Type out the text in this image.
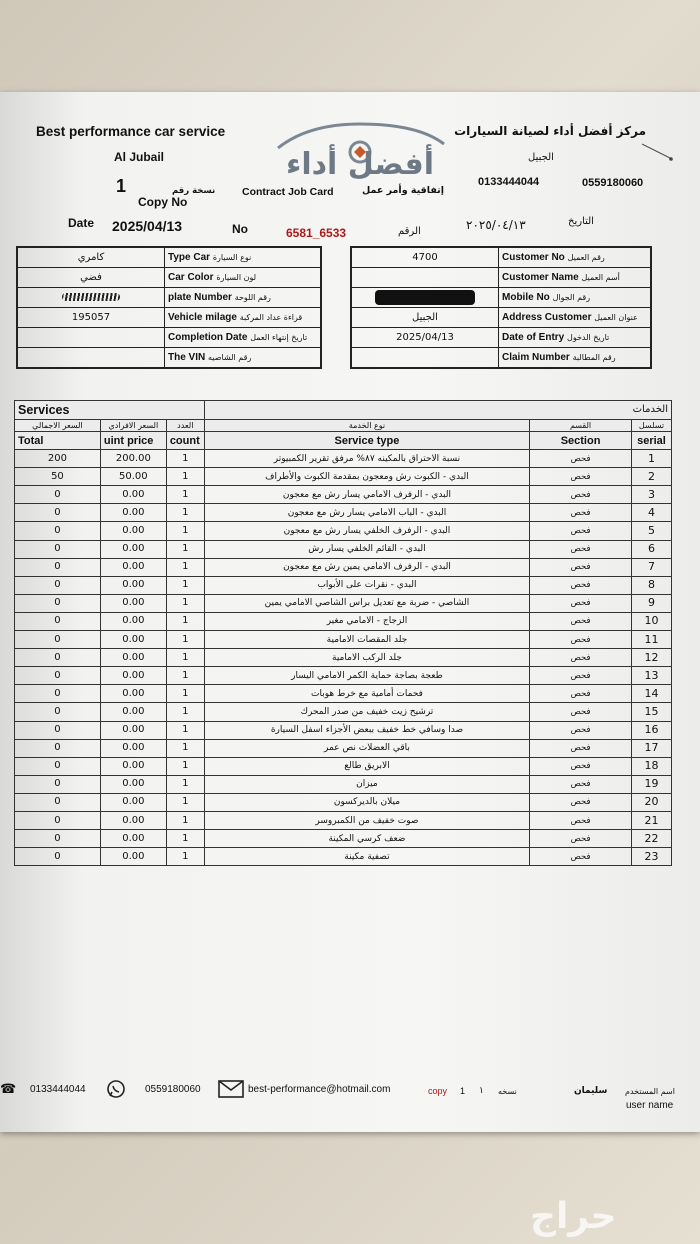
Best performance car service
Al Jubail
نسخة رقم
1
Copy No
Date 2025/04/13
أفضل أداء
Contract Job Card	إتفاقية وأمر عمل
مركز أفضل أداء لصيانة السيارات
الجبيل
0133444044	0559180060
No	6581_6533	الرقم	٢٠٢٥/٠٤/١٣	التاريخ
كامري	Type Car نوع السيارة
فضي	Car Color لون السيارة
	plate Number رقم اللوحة
195057	Vehicle milage قراءة عداد المركبة
	Completion Date تاريخ إنتهاء العمل
	The VIN رقم الشاصيه
4700	Customer No رقم العميل
	Customer Name أسم العميل
	Mobile No رقم الجوال
الجبيل	Address Customer عنوان العميل
2025/04/13	Date of Entry تاريخ الدخول
	Claim Number رقم المطالبة
Services			الخدمات		
السعر الاجمالي	السعر الافرادي	العدد	نوع الخدمة	القسم	تسلسل
Total	uint price	count	Service type	Section	serial
200	200.00	1	نسبة الاحتراق بالمكينه ٨٧% مرفق تقرير الكمبيوتر	فحص	1
50	50.00	1	البدي - الكبوت رش ومعجون بمقدمة الكبوت والأطراف	فحص	2
0	0.00	1	البدي - الرفرف الامامي يسار رش مع معجون	فحص	3
0	0.00	1	البدي - الباب الامامي يسار رش مع معجون	فحص	4
0	0.00	1	البدي - الرفرف الخلفي يسار رش مع معجون	فحص	5
0	0.00	1	البدي - القائم الخلفي يسار رش	فحص	6
0	0.00	1	البدي - الرفرف الامامي يمين رش مع معجون	فحص	7
0	0.00	1	البدي - نقرات على الأبواب	فحص	8
0	0.00	1	الشاصي - ضربة مع تعديل براس الشاصي الامامي يمين	فحص	9
0	0.00	1	الزجاج - الامامي مغير	فحص	10
0	0.00	1	جلد المقصات الامامية	فحص	11
0	0.00	1	جلد الركب الامامية	فحص	12
0	0.00	1	طعجة بصاجة حماية الكمر الامامي اليسار	فحص	13
0	0.00	1	فحمات أمامية مع خرط هوبات	فحص	14
0	0.00	1	ترشيح زيت خفيف من صدر المحرك	فحص	15
0	0.00	1	صدا وسافي خط خفيف ببعض الأجزاء اسفل السيارة	فحص	16
0	0.00	1	باقي العضلات نص عمر	فحص	17
0	0.00	1	الابريق طالع	فحص	18
0	0.00	1	ميزان	فحص	19
0	0.00	1	ميلان بالديركسون	فحص	20
0	0.00	1	صوت خفيف من الكمبروسر	فحص	21
0	0.00	1	ضعف كرسي المكينة	فحص	22
0	0.00	1	تصفية مكينة	فحص	23
☎ 0133444044	0559180060	best-performance@hotmail.com	copy 1 ١ نسخه	سليمان اسم المستخدم
user name
حراج
